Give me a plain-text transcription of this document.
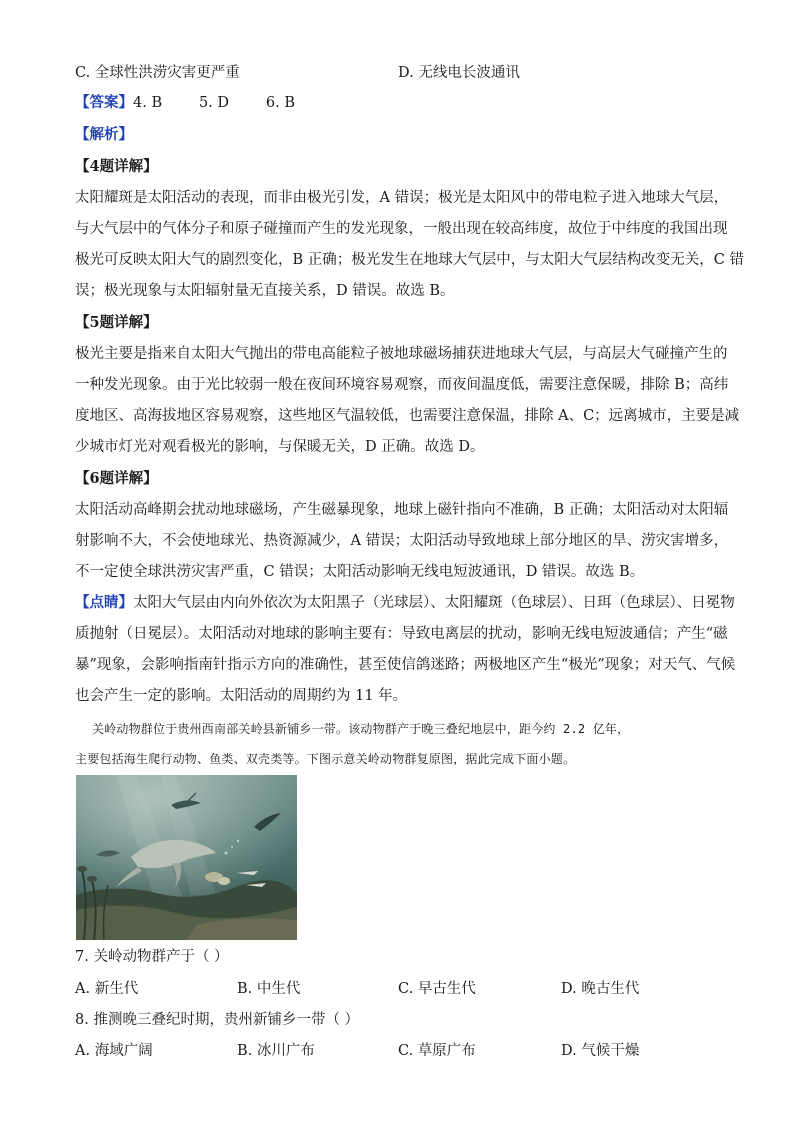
C. 全球性洪涝灾害更严重	D. 无线电长波通讯
【答案】4. B        5. D        6. B
【解析】
【4题详解】
太阳耀斑是太阳活动的表现，而非由极光引发，A 错误；极光是太阳风中的带电粒子进入地球大气层，
与大气层中的气体分子和原子碰撞而产生的发光现象，一般出现在较高纬度，故位于中纬度的我国出现
极光可反映太阳大气的剧烈变化，B 正确；极光发生在地球大气层中，与太阳大气层结构改变无关，C 错
误；极光现象与太阳辐射量无直接关系，D 错误。故选 B。
【5题详解】
极光主要是指来自太阳大气抛出的带电高能粒子被地球磁场捕获进地球大气层，与高层大气碰撞产生的
一种发光现象。由于光比较弱一般在夜间环境容易观察，而夜间温度低，需要注意保暖，排除 B；高纬
度地区、高海拔地区容易观察，这些地区气温较低，也需要注意保温，排除 A、C；远离城市，主要是减
少城市灯光对观看极光的影响，与保暖无关，D 正确。故选 D。
【6题详解】
太阳活动高峰期会扰动地球磁场，产生磁暴现象，地球上磁针指向不准确，B 正确；太阳活动对太阳辐
射影响不大，不会使地球光、热资源减少，A 错误；太阳活动导致地球上部分地区的旱、涝灾害增多，
不一定使全球洪涝灾害严重，C 错误；太阳活动影响无线电短波通讯，D 错误。故选 B。
【点睛】太阳大气层由内向外依次为太阳黑子（光球层）、太阳耀斑（色球层）、日珥（色球层）、日冕物
质抛射（日冕层）。太阳活动对地球的影响主要有：导致电离层的扰动，影响无线电短波通信；产生“磁
暴”现象，会影响指南针指示方向的准确性，甚至使信鸽迷路；两极地区产生“极光”现象；对天气、气候
也会产生一定的影响。太阳活动的周期约为 11 年。
关岭动物群位于贵州西南部关岭县新铺乡一带。该动物群产于晚三叠纪地层中，距今约 2.2 亿年，
主要包括海生爬行动物、鱼类、双壳类等。下图示意关岭动物群复原图，据此完成下面小题。
7. 关岭动物群产于（ ）
A. 新生代	B. 中生代	C. 早古生代	D. 晚古生代
8. 推测晚三叠纪时期，贵州新铺乡一带（ ）
A. 海域广阔	B. 冰川广布	C. 草原广布	D. 气候干燥
